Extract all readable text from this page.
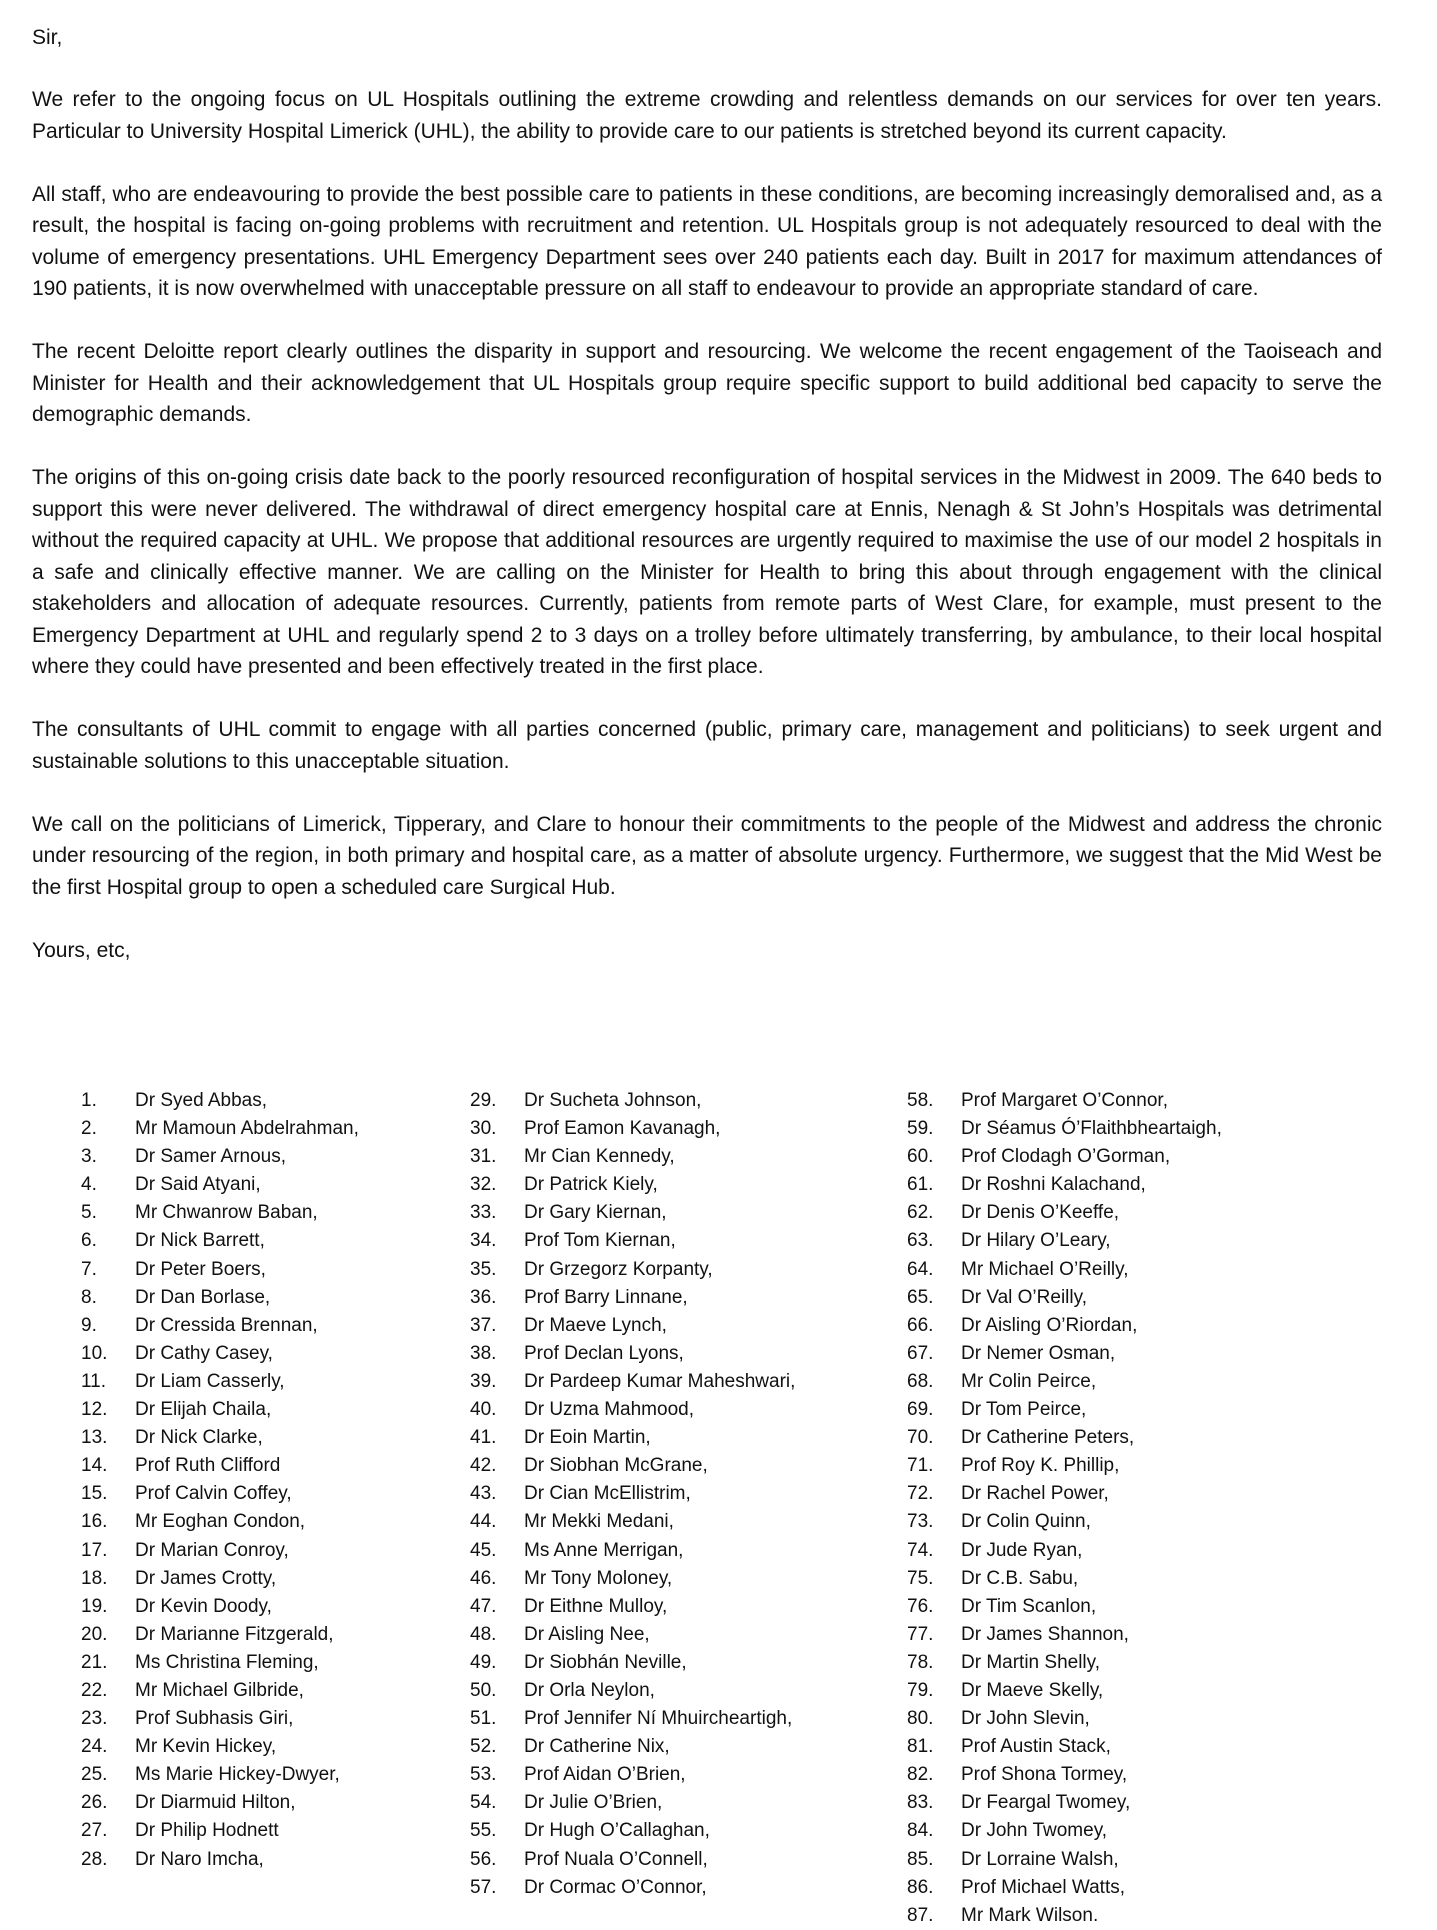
Sir,

We refer to the ongoing focus on UL Hospitals outlining the extreme crowding and relentless demands on our services for over ten years. Particular to University Hospital Limerick (UHL), the ability to provide care to our patients is stretched beyond its current capacity.

All staff, who are endeavouring to provide the best possible care to patients in these conditions, are becoming increasingly demoralised and, as a result, the hospital is facing on-going problems with recruitment and retention. UL Hospitals group is not adequately resourced to deal with the volume of emergency presentations. UHL Emergency Department sees over 240 patients each day. Built in 2017 for maximum attendances of 190 patients, it is now overwhelmed with unacceptable pressure on all staff to endeavour to provide an appropriate standard of care.

The recent Deloitte report clearly outlines the disparity in support and resourcing. We welcome the recent engagement of the Taoiseach and Minister for Health and their acknowledgement that UL Hospitals group require specific support to build additional bed capacity to serve the demographic demands.

The origins of this on-going crisis date back to the poorly resourced reconfiguration of hospital services in the Midwest in 2009. The 640 beds to support this were never delivered. The withdrawal of direct emergency hospital care at Ennis, Nenagh & St John’s Hospitals was detrimental without the required capacity at UHL. We propose that additional resources are urgently required to maximise the use of our model 2 hospitals in a safe and clinically effective manner. We are calling on the Minister for Health to bring this about through engagement with the clinical stakeholders and allocation of adequate resources. Currently, patients from remote parts of West Clare, for example, must present to the Emergency Department at UHL and regularly spend 2 to 3 days on a trolley before ultimately transferring, by ambulance, to their local hospital where they could have presented and been effectively treated in the first place.

The consultants of UHL commit to engage with all parties concerned (public, primary care, management and politicians) to seek urgent and sustainable solutions to this unacceptable situation.

We call on the politicians of Limerick, Tipperary, and Clare to honour their commitments to the people of the Midwest and address the chronic under resourcing of the region, in both primary and hospital care, as a matter of absolute urgency. Furthermore, we suggest that the Mid West be the first Hospital group to open a scheduled care Surgical Hub.

Yours, etc,

1.	Dr Syed Abbas,
2.	Mr Mamoun Abdelrahman,
3.	Dr Samer Arnous,
4.	Dr Said Atyani,
5.	Mr Chwanrow Baban,
6.	Dr Nick Barrett,
7.	Dr Peter Boers,
8.	Dr Dan Borlase,
9.	Dr Cressida Brennan,
10.	Dr Cathy Casey,
11.	Dr Liam Casserly,
12.	Dr Elijah Chaila,
13.	Dr Nick Clarke,
14.	Prof Ruth Clifford
15.	Prof Calvin Coffey,
16.	Mr Eoghan Condon,
17.	Dr Marian Conroy,
18.	Dr James Crotty,
19.	Dr Kevin Doody,
20.	Dr Marianne Fitzgerald,
21.	Ms Christina Fleming,
22.	Mr Michael Gilbride,
23.	Prof Subhasis Giri,
24.	Mr Kevin Hickey,
25.	Ms Marie Hickey-Dwyer,
26.	Dr Diarmuid Hilton,
27.	Dr Philip Hodnett
28.	Dr Naro Imcha,
29.	Dr Sucheta Johnson,
30.	Prof Eamon Kavanagh,
31.	Mr Cian Kennedy,
32.	Dr Patrick Kiely,
33.	Dr Gary Kiernan,
34.	Prof Tom Kiernan,
35.	Dr Grzegorz Korpanty,
36.	Prof Barry Linnane,
37.	Dr Maeve Lynch,
38.	Prof Declan Lyons,
39.	Dr Pardeep Kumar Maheshwari,
40.	Dr Uzma Mahmood,
41.	Dr Eoin Martin,
42.	Dr Siobhan McGrane,
43.	Dr Cian McEllistrim,
44.	Mr Mekki Medani,
45.	Ms Anne Merrigan,
46.	Mr Tony Moloney,
47.	Dr Eithne Mulloy,
48.	Dr Aisling Nee,
49.	Dr Siobhán Neville,
50.	Dr Orla Neylon,
51.	Prof Jennifer Ní Mhuircheartigh,
52.	Dr Catherine Nix,
53.	Prof Aidan O’Brien,
54.	Dr Julie O’Brien,
55.	Dr Hugh O’Callaghan,
56.	Prof Nuala O’Connell,
57.	Dr Cormac O’Connor,
58.	Prof Margaret O’Connor,
59.	Dr Séamus Ó’Flaithbheartaigh,
60.	Prof Clodagh O’Gorman,
61.	Dr Roshni Kalachand,
62.	Dr Denis O’Keeffe,
63.	Dr Hilary O’Leary,
64.	Mr Michael O’Reilly,
65.	Dr Val O’Reilly,
66.	Dr Aisling O’Riordan,
67.	Dr Nemer Osman,
68.	Mr Colin Peirce,
69.	Dr Tom Peirce,
70.	Dr Catherine Peters,
71.	Prof Roy K. Phillip,
72.	Dr Rachel Power,
73.	Dr Colin Quinn,
74.	Dr Jude Ryan,
75.	Dr C.B. Sabu,
76.	Dr Tim Scanlon,
77.	Dr James Shannon,
78.	Dr Martin Shelly,
79.	Dr Maeve Skelly,
80.	Dr John Slevin,
81.	Prof Austin Stack,
82.	Prof Shona Tormey,
83.	Dr Feargal Twomey,
84.	Dr John Twomey,
85.	Dr Lorraine Walsh,
86.	Prof Michael Watts,
87.	Mr Mark Wilson.
